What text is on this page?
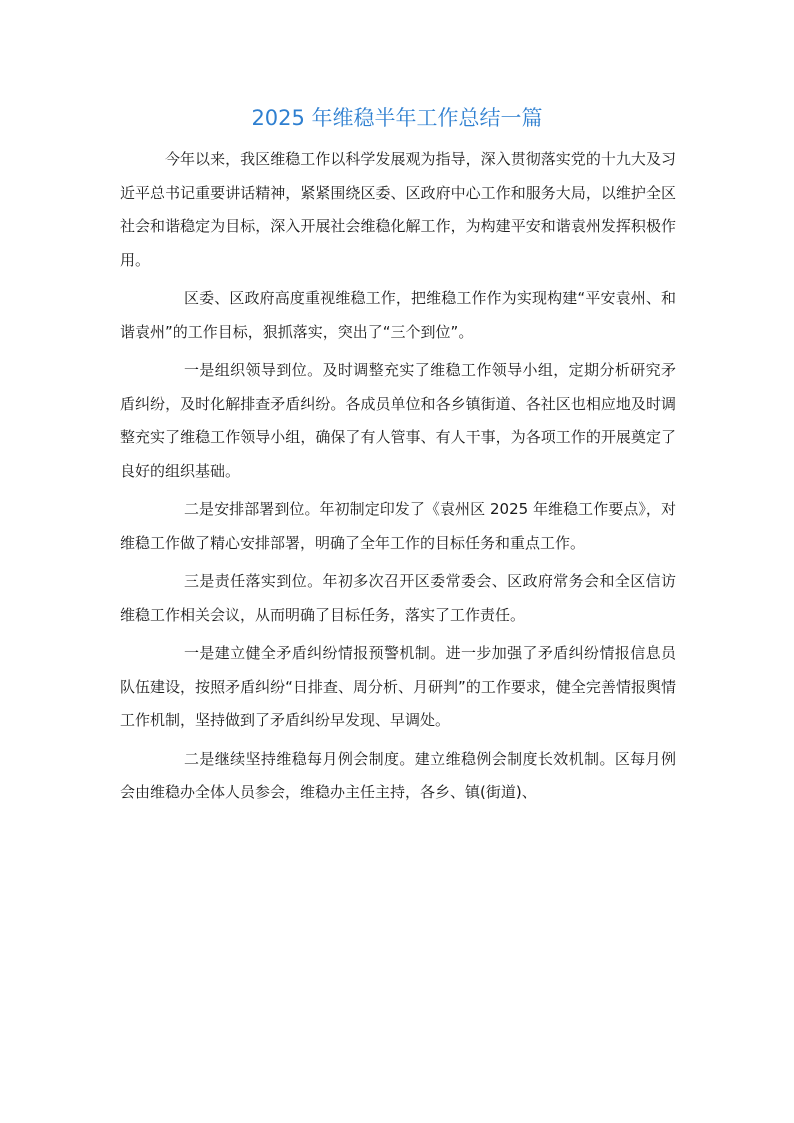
2025 年维稳半年工作总结一篇

今年以来，我区维稳工作以科学发展观为指导，深入贯彻落实党的十九大及习近平总书记重要讲话精神，紧紧围绕区委、区政府中心工作和服务大局，以维护全区社会和谐稳定为目标，深入开展社会维稳化解工作，为构建平安和谐袁州发挥积极作用。

区委、区政府高度重视维稳工作，把维稳工作作为实现构建“平安袁州、和谐袁州”的工作目标，狠抓落实，突出了“三个到位”。

一是组织领导到位。及时调整充实了维稳工作领导小组，定期分析研究矛盾纠纷，及时化解排查矛盾纠纷。各成员单位和各乡镇街道、各社区也相应地及时调整充实了维稳工作领导小组，确保了有人管事、有人干事，为各项工作的开展奠定了良好的组织基础。

二是安排部署到位。年初制定印发了《袁州区 2025 年维稳工作要点》，对维稳工作做了精心安排部署，明确了全年工作的目标任务和重点工作。

三是责任落实到位。年初多次召开区委常委会、区政府常务会和全区信访维稳工作相关会议，从而明确了目标任务，落实了工作责任。

一是建立健全矛盾纠纷情报预警机制。进一步加强了矛盾纠纷情报信息员队伍建设，按照矛盾纠纷“日排查、周分析、月研判”的工作要求，健全完善情报舆情工作机制，坚持做到了矛盾纠纷早发现、早调处。

二是继续坚持维稳每月例会制度。建立维稳例会制度长效机制。区每月例会由维稳办全体人员参会，维稳办主任主持，各乡、镇(街道)、
